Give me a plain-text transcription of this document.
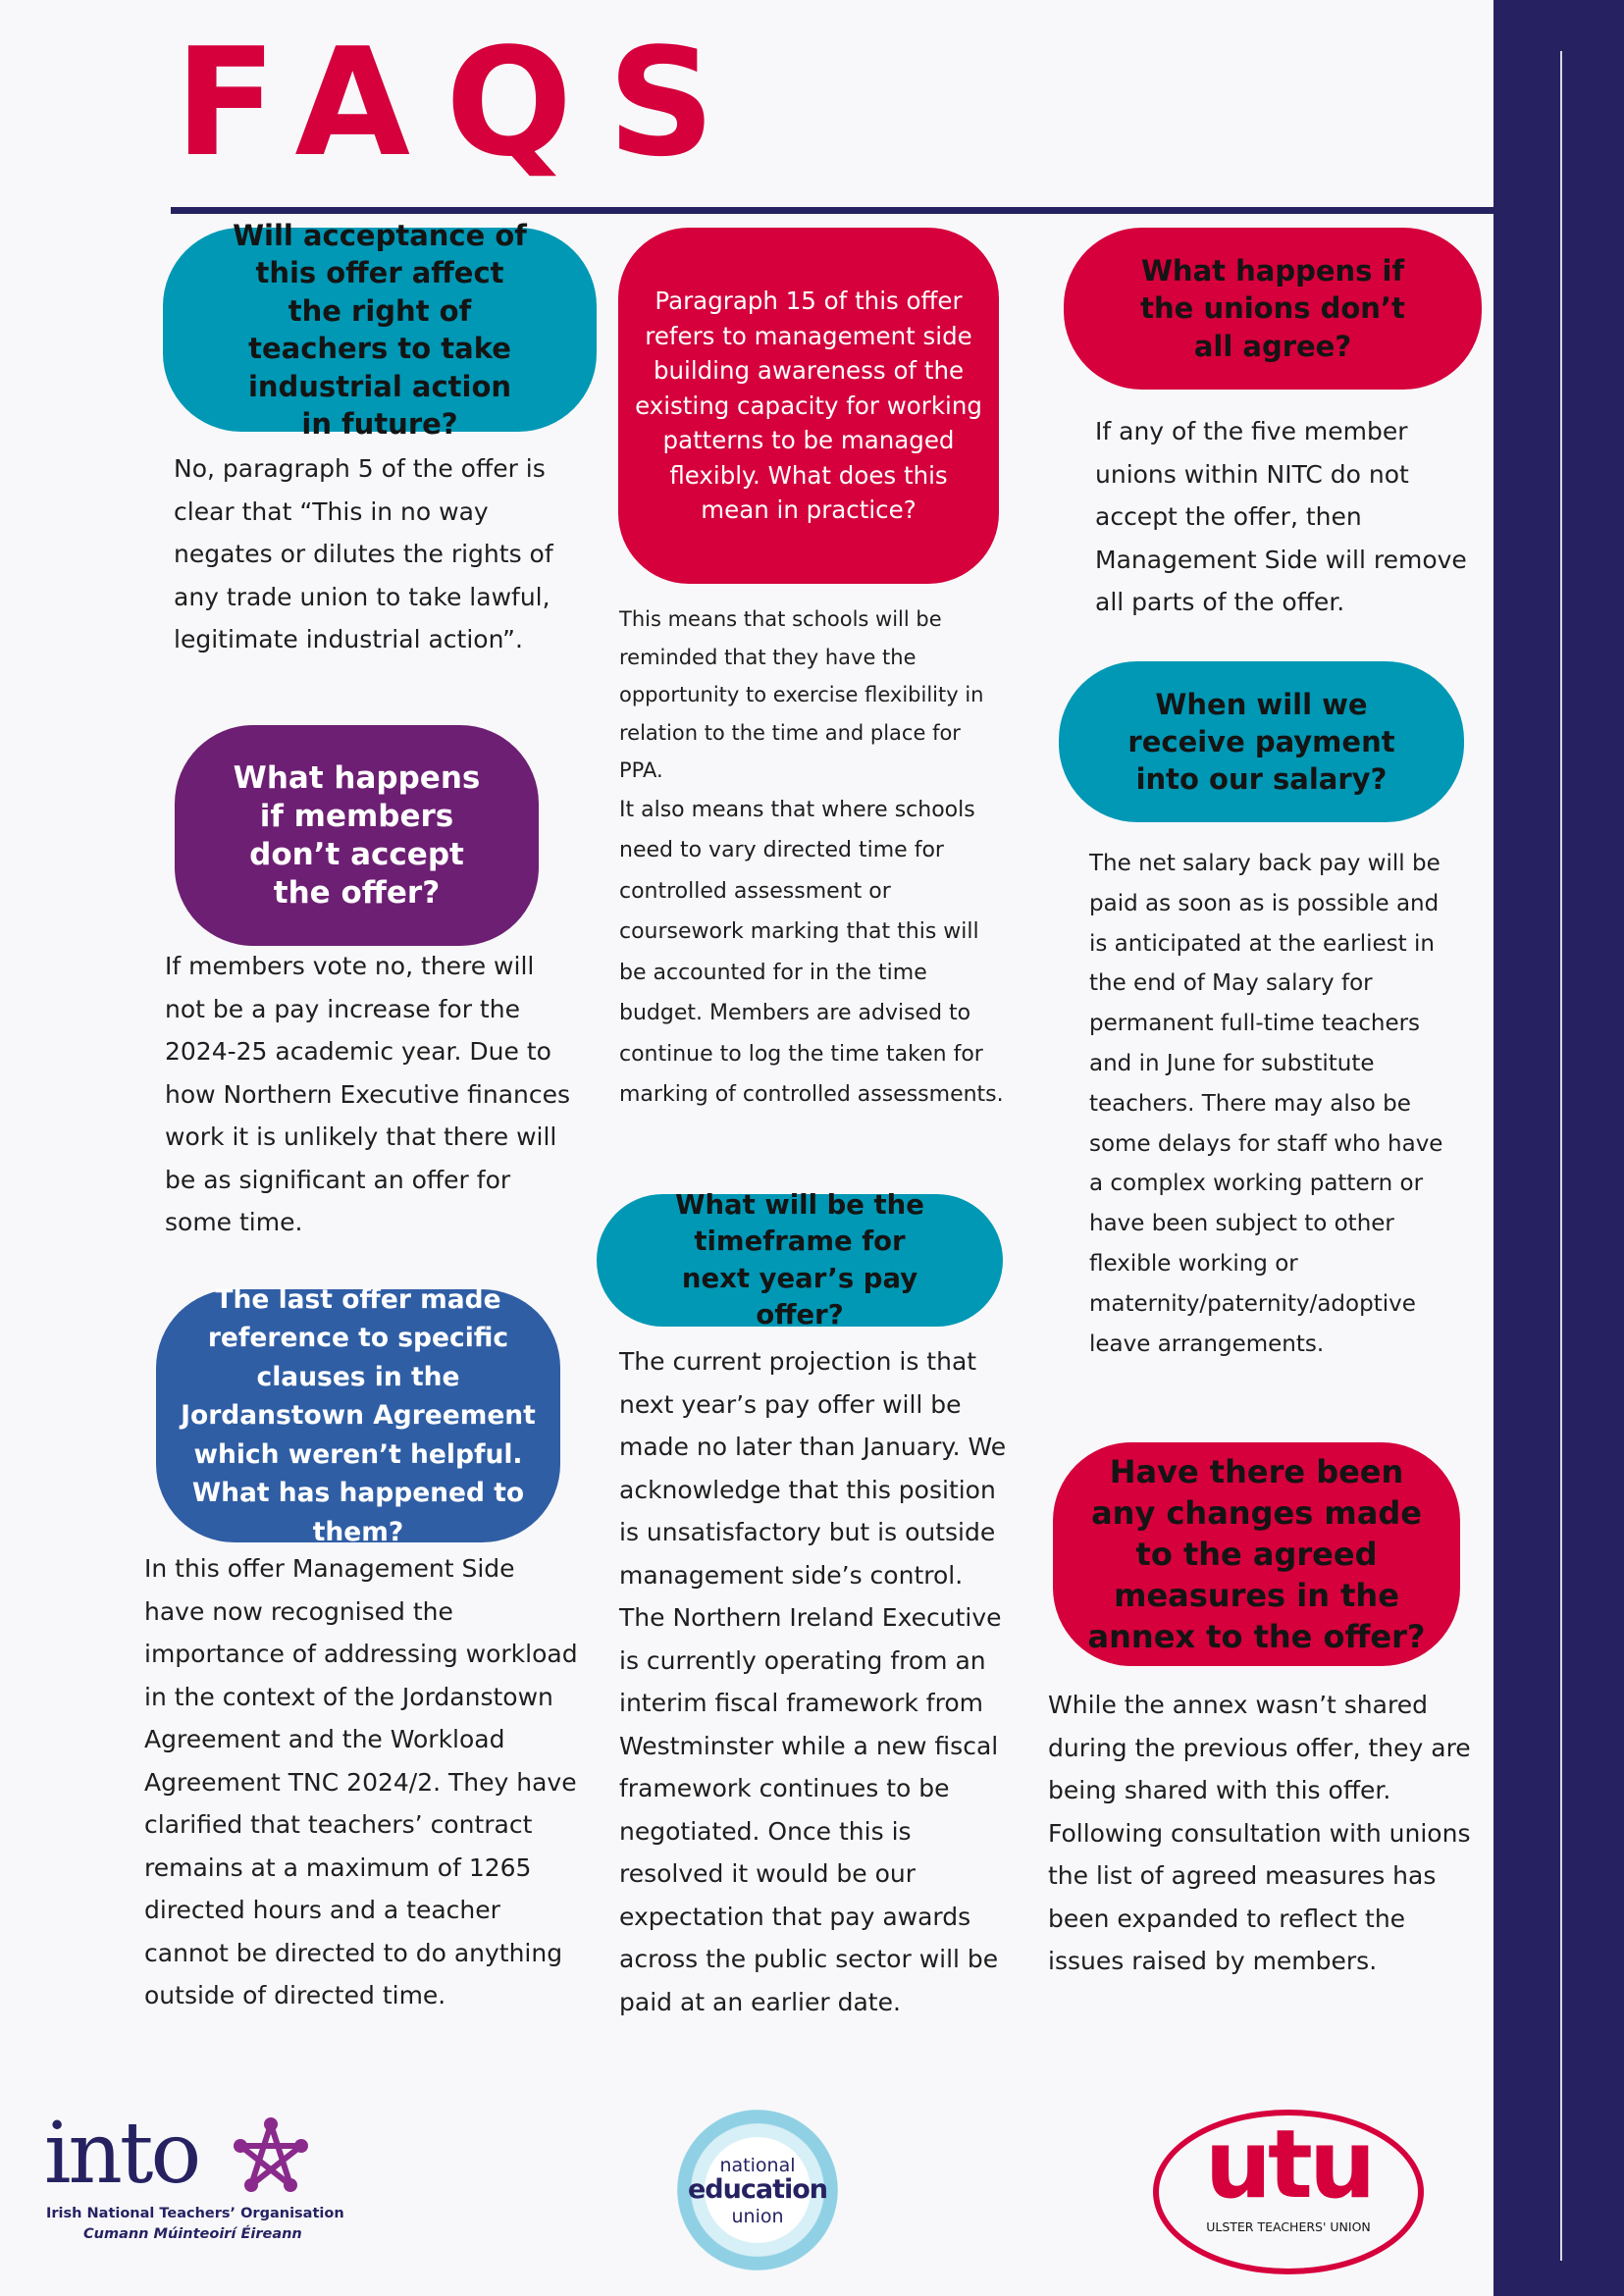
FAQS
Will acceptance of this offer affect the right of teachers to take industrial action in future?

No, paragraph 5 of the offer is clear that “This in no way negates or dilutes the rights of any trade union to take lawful, legitimate industrial action”.

What happens if members don’t accept the offer?

If members vote no, there will not be a pay increase for the 2024-25 academic year. Due to how Northern Executive finances work it is unlikely that there will be as significant an offer for some time.

The last offer made reference to specific clauses in the Jordanstown Agreement which weren’t helpful. What has happened to them?

In this offer Management Side have now recognised the importance of addressing workload in the context of the Jordanstown Agreement and the Workload Agreement TNC 2024/2. They have clarified that teachers’ contract remains at a maximum of 1265 directed hours and a teacher cannot be directed to do anything outside of directed time.

Paragraph 15 of this offer refers to management side building awareness of the existing capacity for working patterns to be managed flexibly. What does this mean in practice?

This means that schools will be reminded that they have the opportunity to exercise flexibility in relation to the time and place for PPA.

It also means that where schools need to vary directed time for controlled assessment or coursework marking that this will be accounted for in the time budget. Members are advised to continue to log the time taken for marking of controlled assessments.

What will be the timeframe for next year’s pay offer?

The current projection is that next year’s pay offer will be made no later than January. We acknowledge that this position is unsatisfactory but is outside management side’s control.

The Northern Ireland Executive is currently operating from an interim fiscal framework from Westminster while a new fiscal framework continues to be negotiated. Once this is resolved it would be our expectation that pay awards across the public sector will be paid at an earlier date.

What happens if the unions don’t all agree?

If any of the five member unions within NITC do not accept the offer, then Management Side will remove all parts of the offer.

When will we receive payment into our salary?

The net salary back pay will be paid as soon as is possible and is anticipated at the earliest in the end of May salary for permanent full-time teachers and in June for substitute teachers. There may also be some delays for staff who have a complex working pattern or have been subject to other flexible working or maternity/paternity/adoptive leave arrangements.

Have there been any changes made to the agreed measures in the annex to the offer?

While the annex wasn’t shared during the previous offer, they are being shared with this offer. Following consultation with unions the list of agreed measures has been expanded to reflect the issues raised by members.

into
Irish National Teachers’ Organisation
Cumann Múinteoirí Éireann
national
education
union	utu
ULSTER TEACHERS' UNION
